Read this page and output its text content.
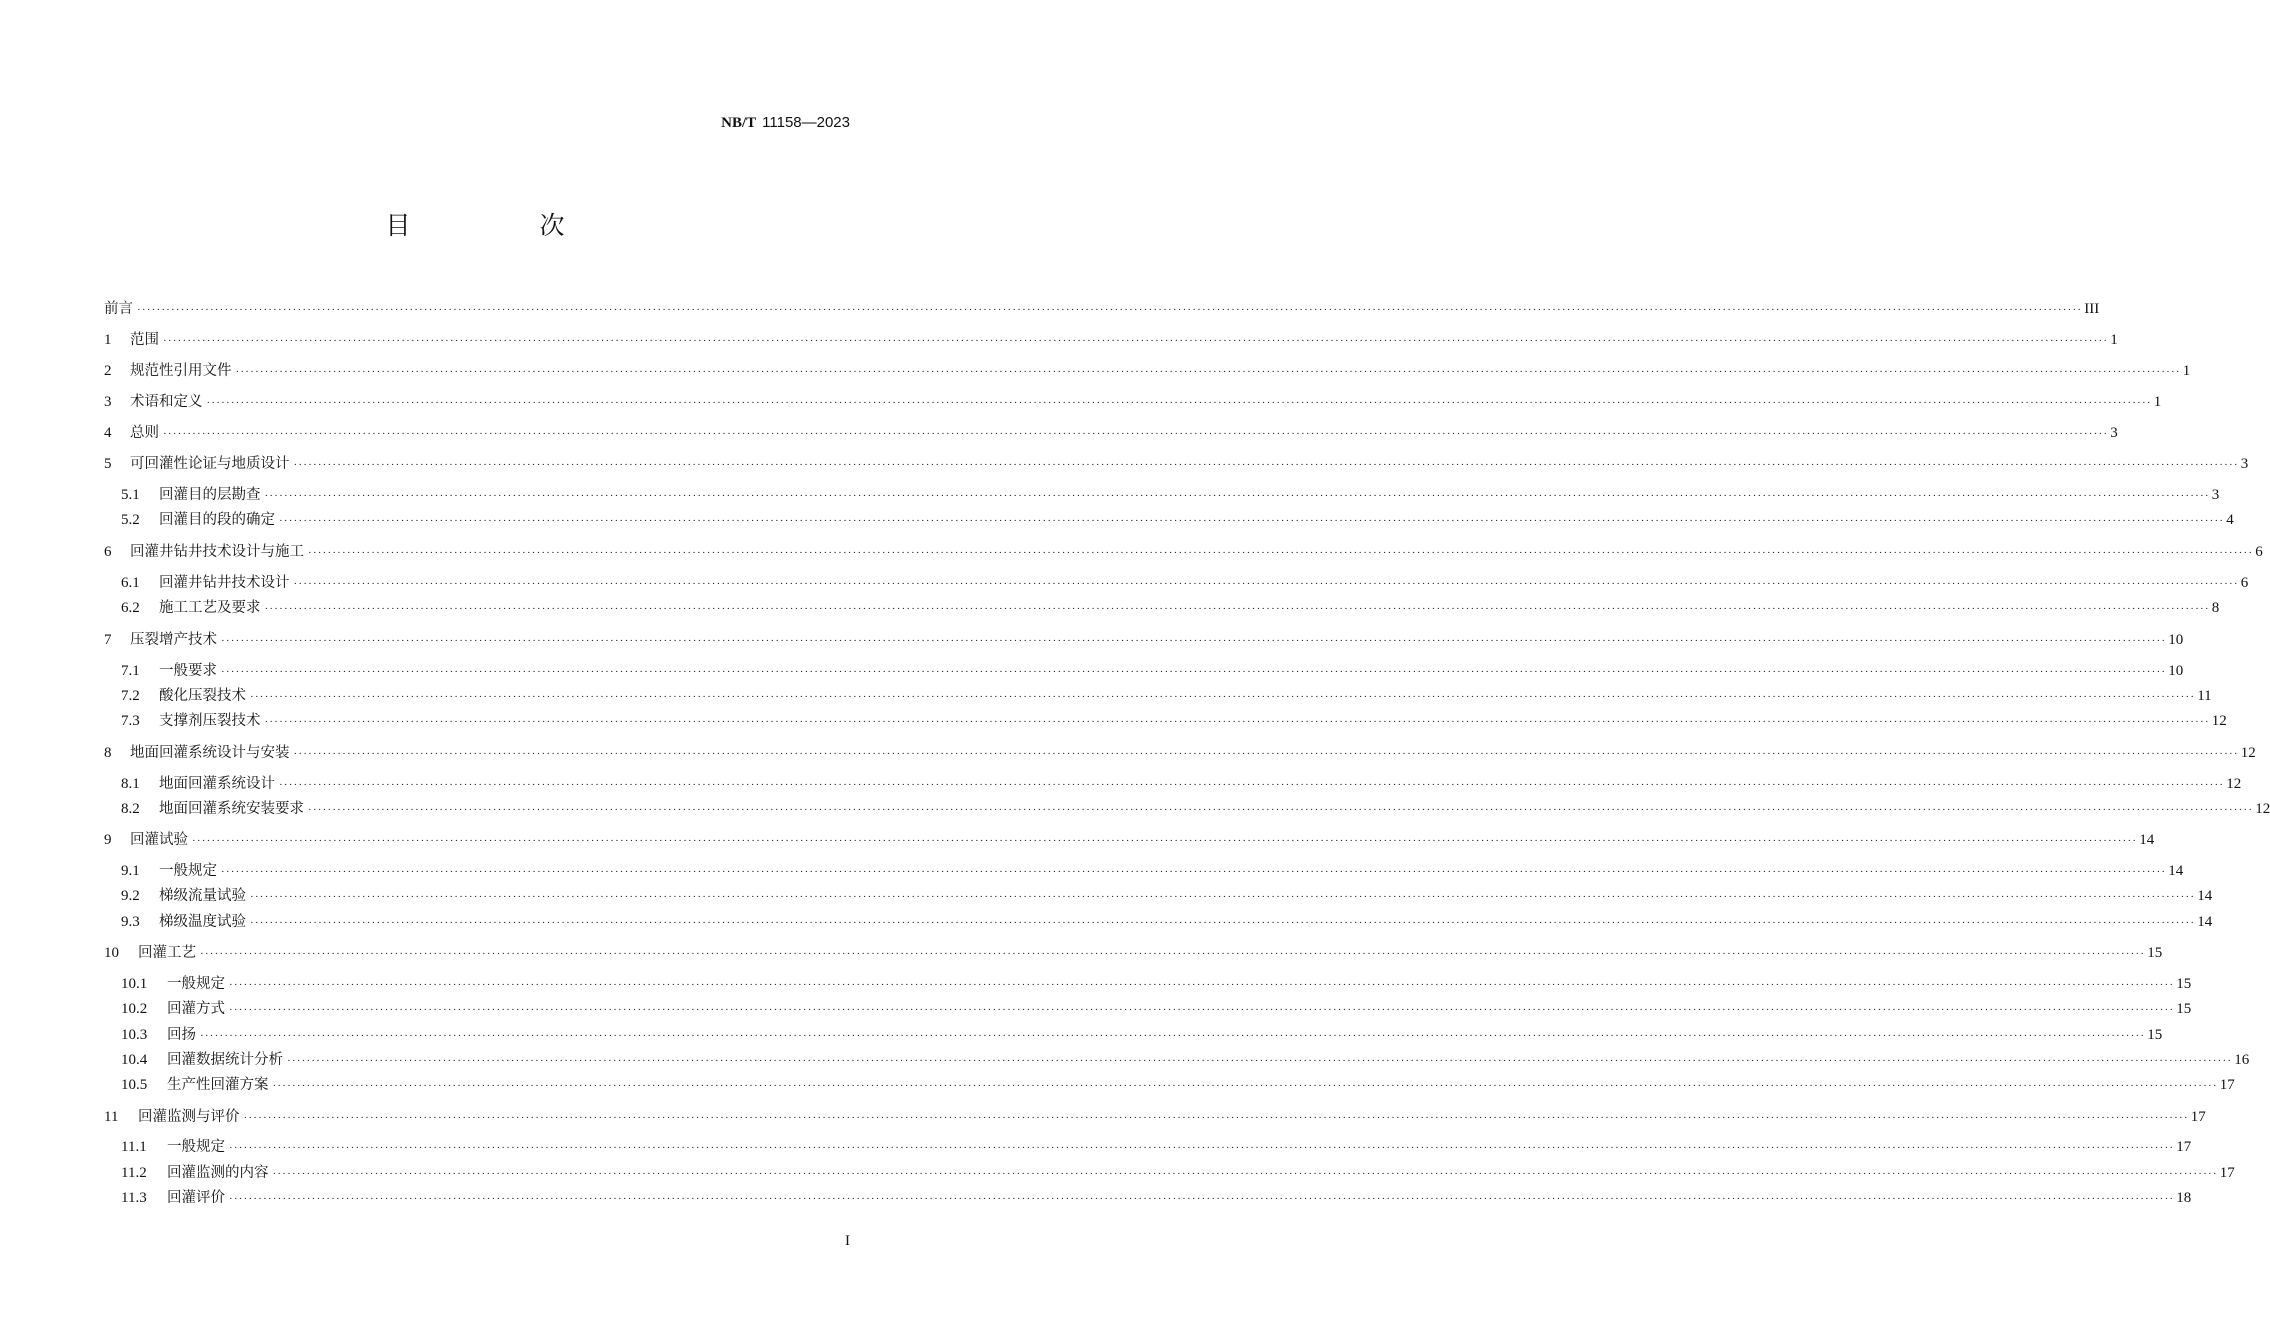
NB/T 11158—2023
目　次
前言 ················································································································································································································································································································································································································ III
1	范围 ················································································································································································································································································································································································································ 1
2	规范性引用文件 ················································································································································································································································································································································································································ 1
3	术语和定义 ················································································································································································································································································································································································································ 1
4	总则 ················································································································································································································································································································································································································ 3
5	可回灌性论证与地质设计 ················································································································································································································································································································································································································ 3
5.1	回灌目的层勘查 ················································································································································································································································································································································································································ 3
5.2	回灌目的段的确定 ················································································································································································································································································································································································································ 4
6	回灌井钻井技术设计与施工 ················································································································································································································································································································································································································ 6
6.1	回灌井钻井技术设计 ················································································································································································································································································································································································································ 6
6.2	施工工艺及要求 ················································································································································································································································································································································································································ 8
7	压裂增产技术 ················································································································································································································································································································································································································ 10
7.1	一般要求 ················································································································································································································································································································································································································ 10
7.2	酸化压裂技术 ················································································································································································································································································································································································································ 11
7.3	支撑剂压裂技术 ················································································································································································································································································································································································································ 12
8	地面回灌系统设计与安装 ················································································································································································································································································································································································································ 12
8.1	地面回灌系统设计 ················································································································································································································································································································································································································ 12
8.2	地面回灌系统安装要求 ················································································································································································································································································································································································································ 12
9	回灌试验 ················································································································································································································································································································································································································ 14
9.1	一般规定 ················································································································································································································································································································································································································ 14
9.2	梯级流量试验 ················································································································································································································································································································································································································ 14
9.3	梯级温度试验 ················································································································································································································································································································································································································ 14
10	回灌工艺 ················································································································································································································································································································································································································ 15
10.1	一般规定 ················································································································································································································································································································································································································ 15
10.2	回灌方式 ················································································································································································································································································································································································································ 15
10.3	回扬 ················································································································································································································································································································································································································ 15
10.4	回灌数据统计分析 ················································································································································································································································································································································································································ 16
10.5	生产性回灌方案 ················································································································································································································································································································································································································ 17
11	回灌监测与评价 ················································································································································································································································································································································································································ 17
11.1	一般规定 ················································································································································································································································································································································································································ 17
11.2	回灌监测的内容 ················································································································································································································································································································································································································ 17
11.3	回灌评价 ················································································································································································································································································································································································································ 18
I
